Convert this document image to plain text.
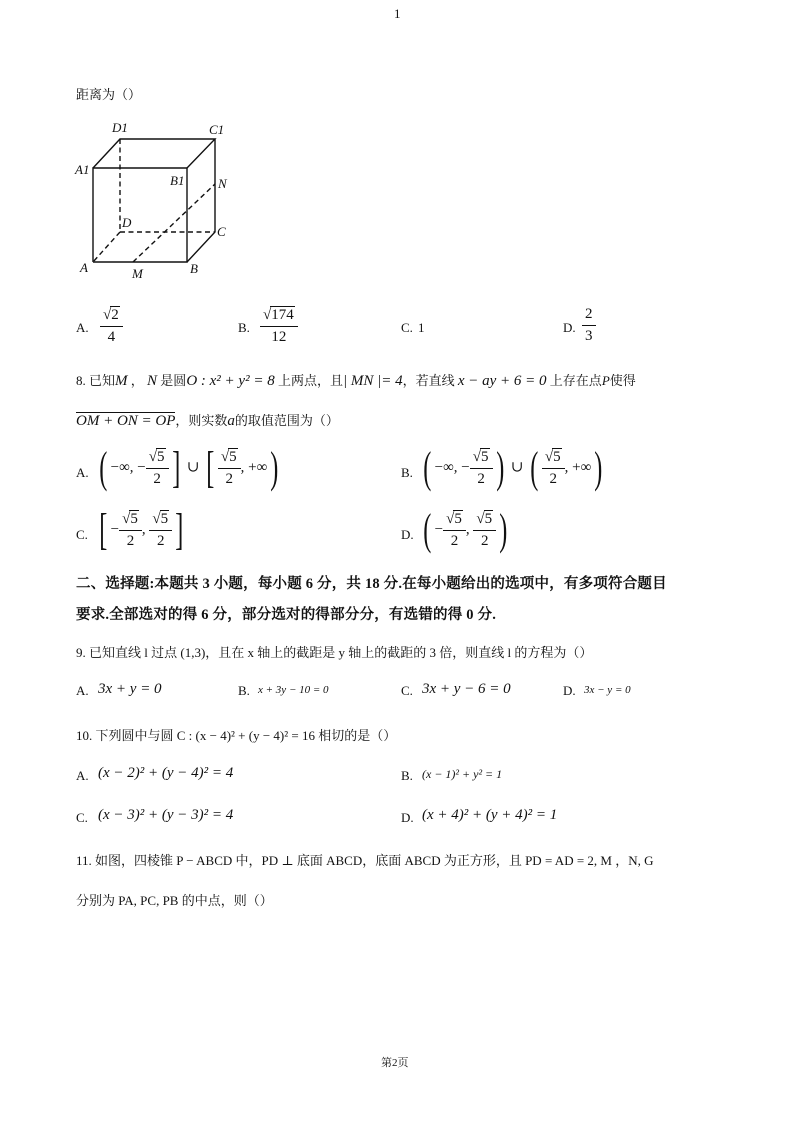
1
距离为（）
D1	C1
A1
B1	N
D
C
A	M	B
A. $\frac{√2}{4}$	B. $\frac{√174}{12}$	C. 1	D. $\frac{2}{3}$
8. 已知M ， N 是圆O : x² + y² = 8 上两点，且| MN |= 4，若直线 x − ay + 6 = 0 上存在点P使得
OM + ON = OP，则实数a的取值范围为（）
A. ( −∞, − $\frac{√5}{2}$ ] ∪ [ $\frac{√5}{2}$ , +∞)	B. ( −∞, − $\frac{√5}{2}$ ) ∪ ( $\frac{√5}{2}$ , +∞)
C. [ − $\frac{√5}{2}$ , $\frac{√5}{2}$ ]	D. ( − $\frac{√5}{2}$ , $\frac{√5}{2}$ )
二、选择题:本题共 3 小题，每小题 6 分，共 18 分.在每小题给出的选项中，有多项符合题目
要求.全部选对的得 6 分，部分选对的得部分分，有选错的得 0 分.
9. 已知直线 l 过点 (1,3)，且在 x 轴上的截距是 y 轴上的截距的 3 倍，则直线 l 的方程为（）
A. 3x + y = 0	B. x + 3y − 10 = 0	C. 3x + y − 6 = 0	D. 3x − y = 0
10. 下列圆中与圆 C : (x − 4)² + (y − 4)² = 16 相切的是（）
A. (x − 2)² + (y − 4)² = 4	B. (x − 1)² + y² = 1
C. (x − 3)² + (y − 3)² = 4	D. (x + 4)² + (y + 4)² = 1
11. 如图，四棱锥 P − ABCD 中，PD ⊥ 底面 ABCD，底面 ABCD 为正方形，且 PD = AD = 2, M ，N, G
分别为 PA, PC, PB 的中点，则（）
第2页
